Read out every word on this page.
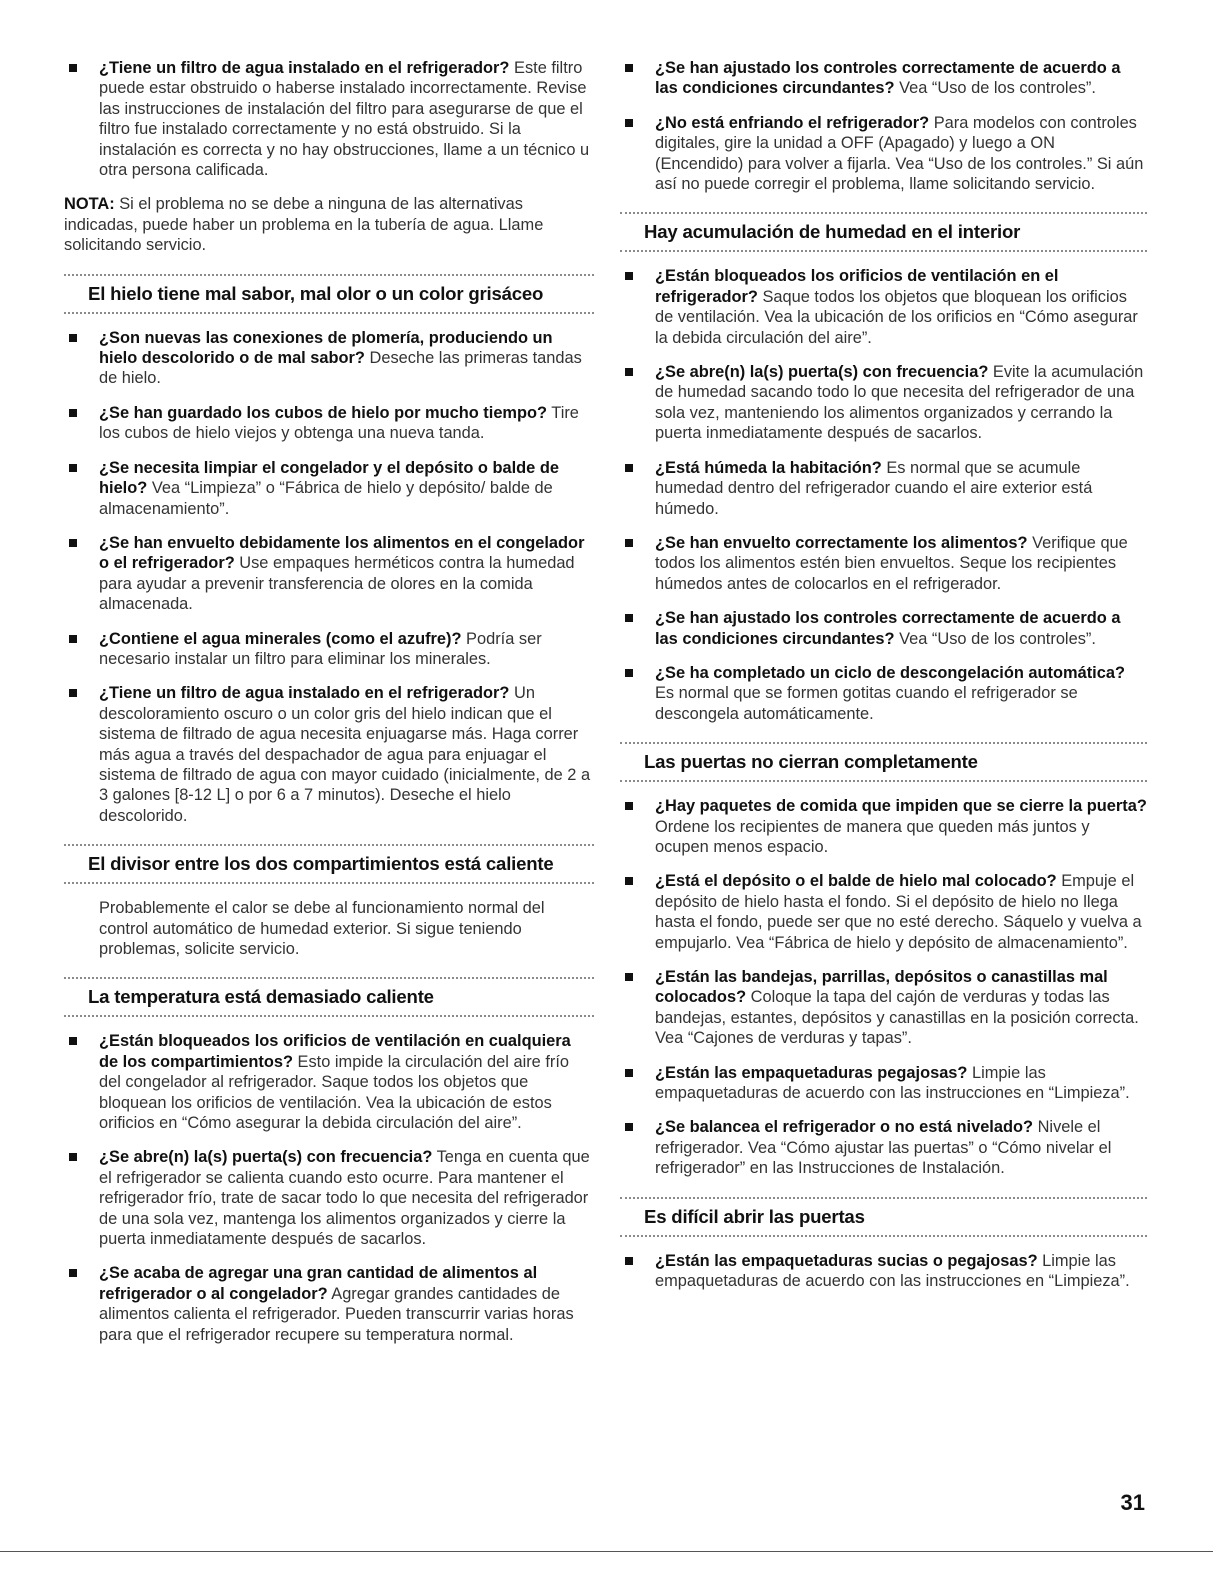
¿Tiene un filtro de agua instalado en el refrigerador? Este filtro puede estar obstruido o haberse instalado incorrectamente. Revise las instrucciones de instalación del filtro para asegurarse de que el filtro fue instalado correctamente y no está obstruido. Si la instalación es correcta y no hay obstrucciones, llame a un técnico u otra persona calificada.

NOTA: Si el problema no se debe a ninguna de las alternativas indicadas, puede haber un problema en la tubería de agua. Llame solicitando servicio.

El hielo tiene mal sabor, mal olor o un color grisáceo
¿Son nuevas las conexiones de plomería, produciendo un hielo descolorido o de mal sabor? Deseche las primeras tandas de hielo.
¿Se han guardado los cubos de hielo por mucho tiempo? Tire los cubos de hielo viejos y obtenga una nueva tanda.
¿Se necesita limpiar el congelador y el depósito o balde de hielo? Vea “Limpieza” o “Fábrica de hielo y depósito/ balde de almacenamiento”.
¿Se han envuelto debidamente los alimentos en el congelador o el refrigerador? Use empaques herméticos contra la humedad para ayudar a prevenir transferencia de olores en la comida almacenada.
¿Contiene el agua minerales (como el azufre)? Podría ser necesario instalar un filtro para eliminar los minerales.
¿Tiene un filtro de agua instalado en el refrigerador? Un descoloramiento oscuro o un color gris del hielo indican que el sistema de filtrado de agua necesita enjuagarse más. Haga correr más agua a través del despachador de agua para enjuagar el sistema de filtrado de agua con mayor cuidado (inicialmente, de 2 a 3 galones [8-12 L] o por 6 a 7 minutos). Deseche el hielo descolorido.
El divisor entre los dos compartimientos está caliente

Probablemente el calor se debe al funcionamiento normal del control automático de humedad exterior. Si sigue teniendo problemas, solicite servicio.

La temperatura está demasiado caliente
¿Están bloqueados los orificios de ventilación en cualquiera de los compartimientos? Esto impide la circulación del aire frío del congelador al refrigerador. Saque todos los objetos que bloquean los orificios de ventilación. Vea la ubicación de estos orificios en “Cómo asegurar la debida circulación del aire”.
¿Se abre(n) la(s) puerta(s) con frecuencia? Tenga en cuenta que el refrigerador se calienta cuando esto ocurre. Para mantener el refrigerador frío, trate de sacar todo lo que necesita del refrigerador de una sola vez, mantenga los alimentos organizados y cierre la puerta inmediatamente después de sacarlos.
¿Se acaba de agregar una gran cantidad de alimentos al refrigerador o al congelador? Agregar grandes cantidades de alimentos calienta el refrigerador. Pueden transcurrir varias horas para que el refrigerador recupere su temperatura normal.
¿Se han ajustado los controles correctamente de acuerdo a las condiciones circundantes? Vea “Uso de los controles”.
¿No está enfriando el refrigerador? Para modelos con controles digitales, gire la unidad a OFF (Apagado) y luego a ON (Encendido) para volver a fijarla. Vea “Uso de los controles.” Si aún así no puede corregir el problema, llame solicitando servicio.
Hay acumulación de humedad en el interior
¿Están bloqueados los orificios de ventilación en el refrigerador? Saque todos los objetos que bloquean los orificios de ventilación. Vea la ubicación de los orificios en “Cómo asegurar la debida circulación del aire”.
¿Se abre(n) la(s) puerta(s) con frecuencia? Evite la acumulación de humedad sacando todo lo que necesita del refrigerador de una sola vez, manteniendo los alimentos organizados y cerrando la puerta inmediatamente después de sacarlos.
¿Está húmeda la habitación? Es normal que se acumule humedad dentro del refrigerador cuando el aire exterior está húmedo.
¿Se han envuelto correctamente los alimentos? Verifique que todos los alimentos estén bien envueltos. Seque los recipientes húmedos antes de colocarlos en el refrigerador.
¿Se han ajustado los controles correctamente de acuerdo a las condiciones circundantes? Vea “Uso de los controles”.
¿Se ha completado un ciclo de descongelación automática? Es normal que se formen gotitas cuando el refrigerador se descongela automáticamente.
Las puertas no cierran completamente
¿Hay paquetes de comida que impiden que se cierre la puerta? Ordene los recipientes de manera que queden más juntos y ocupen menos espacio.
¿Está el depósito o el balde de hielo mal colocado? Empuje el depósito de hielo hasta el fondo. Si el depósito de hielo no llega hasta el fondo, puede ser que no esté derecho. Sáquelo y vuelva a empujarlo. Vea “Fábrica de hielo y depósito de almacenamiento”.
¿Están las bandejas, parrillas, depósitos o canastillas mal colocados? Coloque la tapa del cajón de verduras y todas las bandejas, estantes, depósitos y canastillas en la posición correcta. Vea “Cajones de verduras y tapas”.
¿Están las empaquetaduras pegajosas? Limpie las empaquetaduras de acuerdo con las instrucciones en “Limpieza”.
¿Se balancea el refrigerador o no está nivelado? Nivele el refrigerador. Vea “Cómo ajustar las puertas” o “Cómo nivelar el refrigerador” en las Instrucciones de Instalación.
Es difícil abrir las puertas
¿Están las empaquetaduras sucias o pegajosas? Limpie las empaquetaduras de acuerdo con las instrucciones en “Limpieza”.
31
